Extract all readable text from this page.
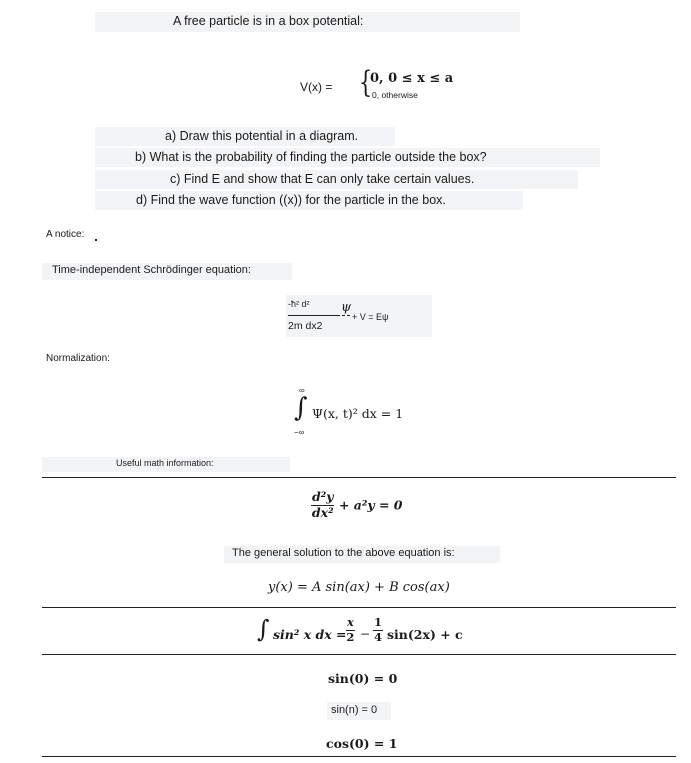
A free particle is in a box potential:
V(x) = {
0, 0 ≤ x ≤ a
0, otherwise
a) Draw this potential in a diagram.
b) What is the probability of finding the particle outside the box?
c) Find E and show that E can only take certain values.
d) Find the wave function ((x)) for the particle in the box.
A notice:
Time-independent Schrödinger equation:
-ħ² d² ψ
2m dx2
+ V = Eψ
Normalization:
∞
∫
−∞
Ψ(x, t)² dx = 1
Useful math information:
$\frac{\text{d²y}}{\text{dx²}} + a^2y = 0$
The general solution to the above equation is:
y(x) = A sin(ax) + B cos(ax)
∫ sin² x dx = $\frac{x}{2} - \frac{1}{4} \sin(2x) + c$
sin(0) = 0
sin(n) = 0
cos(0) = 1
